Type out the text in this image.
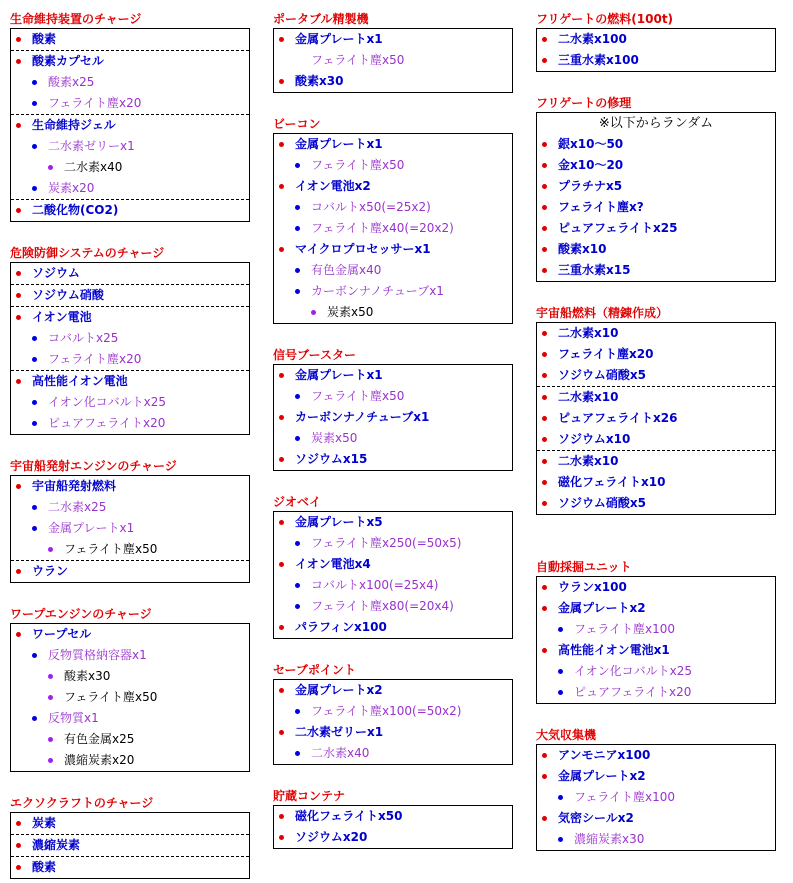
生命維持装置のチャージ
酸素
酸素カプセル
酸素x25
フェライト塵x20
生命維持ジェル
二水素ゼリーx1
二水素x40
炭素x20
二酸化物(CO2)
危険防御システムのチャージ
ソジウム
ソジウム硝酸
イオン電池
コバルトx25
フェライト塵x20
高性能イオン電池
イオン化コバルトx25
ピュアフェライトx20
宇宙船発射エンジンのチャージ
宇宙船発射燃料
二水素x25
金属プレートx1
フェライト塵x50
ウラン
ワープエンジンのチャージ
ワープセル
反物質格納容器x1
酸素x30
フェライト塵x50
反物質x1
有色金属x25
濃縮炭素x20
エクソクラフトのチャージ
炭素
濃縮炭素
酸素
ポータブル精製機
金属プレートx1
フェライト塵x50
酸素x30
ビーコン
金属プレートx1
フェライト塵x50
イオン電池x2
コバルトx50(=25x2)
フェライト塵x40(=20x2)
マイクロプロセッサーx1
有色金属x40
カーボンナノチューブx1
炭素x50
信号ブースター
金属プレートx1
フェライト塵x50
カーボンナノチューブx1
炭素x50
ソジウムx15
ジオベイ
金属プレートx5
フェライト塵x250(=50x5)
イオン電池x4
コバルトx100(=25x4)
フェライト塵x80(=20x4)
パラフィンx100
セーブポイント
金属プレートx2
フェライト塵x100(=50x2)
二水素ゼリーx1
二水素x40
貯蔵コンテナ
磁化フェライトx50
ソジウムx20
フリゲートの燃料(100t)
二水素x100
三重水素x100
フリゲートの修理
※以下からランダム
銀x10～50
金x10～20
プラチナx5
フェライト塵x?
ピュアフェライトx25
酸素x10
三重水素x15
宇宙船燃料（精錬作成）
二水素x10
フェライト塵x20
ソジウム硝酸x5
二水素x10
ピュアフェライトx26
ソジウムx10
二水素x10
磁化フェライトx10
ソジウム硝酸x5
自動採掘ユニット
ウランx100
金属プレートx2
フェライト塵x100
高性能イオン電池x1
イオン化コバルトx25
ピュアフェライトx20
大気収集機
アンモニアx100
金属プレートx2
フェライト塵x100
気密シールx2
濃縮炭素x30
